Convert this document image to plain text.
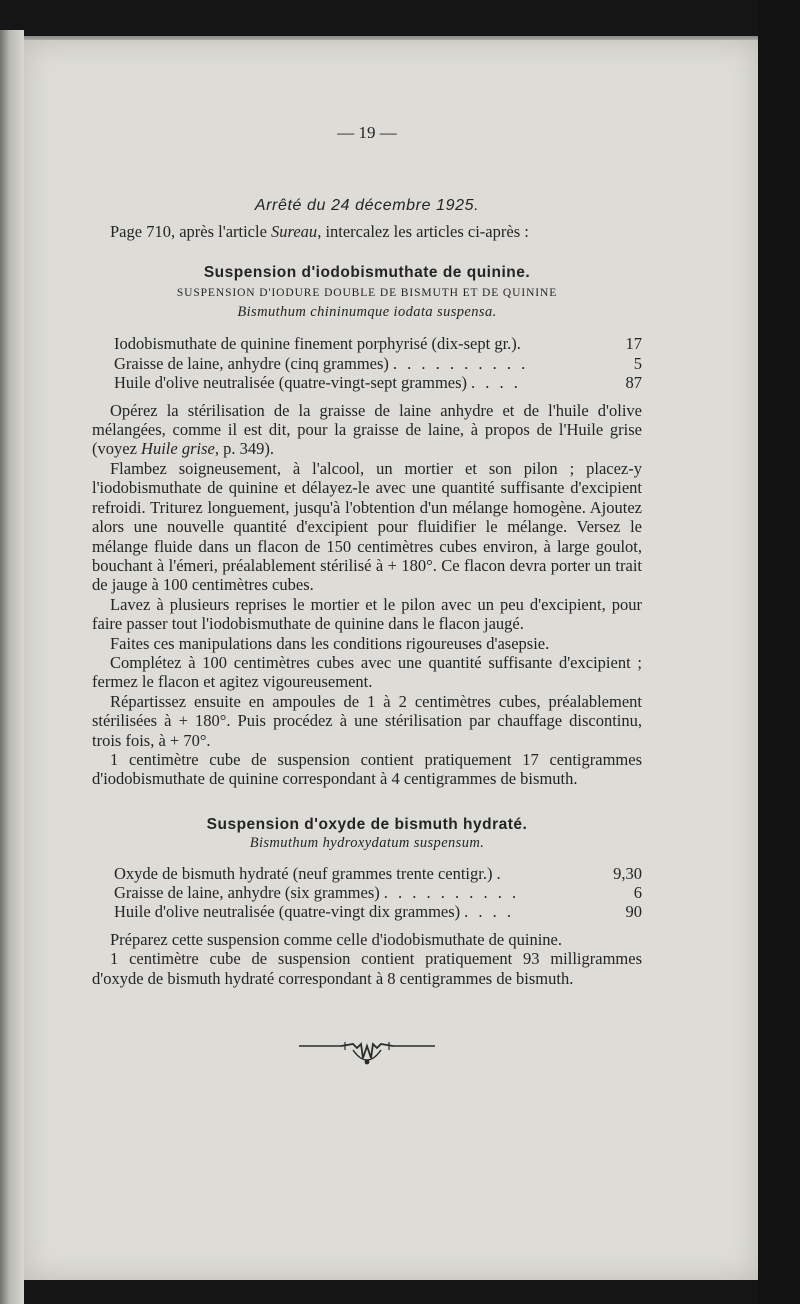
— 19 —
Arrêté du 24 décembre 1925.

Page 710, après l'article Sureau, intercalez les articles ci-après :

Suspension d'iodobismuthate de quinine.
SUSPENSION D'IODURE DOUBLE DE BISMUTH ET DE QUININE
Bismuthum chininumque iodata suspensa.
Iodobismuthate de quinine finement porphyrisé (dix-sept gr.).	17
Graisse de laine, anhydre (cinq grammes) . . . . . . . . . .	5
Huile d'olive neutralisée (quatre-vingt-sept grammes) . . . .	87

Opérez la stérilisation de la graisse de laine anhydre et de l'huile d'olive mélangées, comme il est dit, pour la graisse de laine, à propos de l'Huile grise (voyez Huile grise, p. 349).

Flambez soigneusement, à l'alcool, un mortier et son pilon ; placez-y l'iodobismuthate de quinine et délayez-le avec une quantité suffisante d'excipient refroidi. Triturez longuement, jusqu'à l'obtention d'un mélange homogène. Ajoutez alors une nouvelle quantité d'excipient pour fluidifier le mélange. Versez le mélange fluide dans un flacon de 150 centimètres cubes environ, à large goulot, bouchant à l'émeri, préalablement stérilisé à + 180°. Ce flacon devra porter un trait de jauge à 100 centimètres cubes.

Lavez à plusieurs reprises le mortier et le pilon avec un peu d'excipient, pour faire passer tout l'iodobismuthate de quinine dans le flacon jaugé.

Faites ces manipulations dans les conditions rigoureuses d'asepsie.

Complétez à 100 centimètres cubes avec une quantité suffisante d'excipient ; fermez le flacon et agitez vigoureusement.

Répartissez ensuite en ampoules de 1 à 2 centimètres cubes, préalablement stérilisées à + 180°. Puis procédez à une stérilisation par chauffage discontinu, trois fois, à + 70°.

1 centimètre cube de suspension contient pratiquement 17 centigrammes d'iodobismuthate de quinine correspondant à 4 centigrammes de bismuth.

Suspension d'oxyde de bismuth hydraté.
Bismuthum hydroxydatum suspensum.
Oxyde de bismuth hydraté (neuf grammes trente centigr.) .	9,30
Graisse de laine, anhydre (six grammes) . . . . . . . . . .	6
Huile d'olive neutralisée (quatre-vingt dix grammes) . . . .	90

Préparez cette suspension comme celle d'iodobismuthate de quinine.

1 centimètre cube de suspension contient pratiquement 93 milligrammes d'oxyde de bismuth hydraté correspondant à 8 centigrammes de bismuth.
